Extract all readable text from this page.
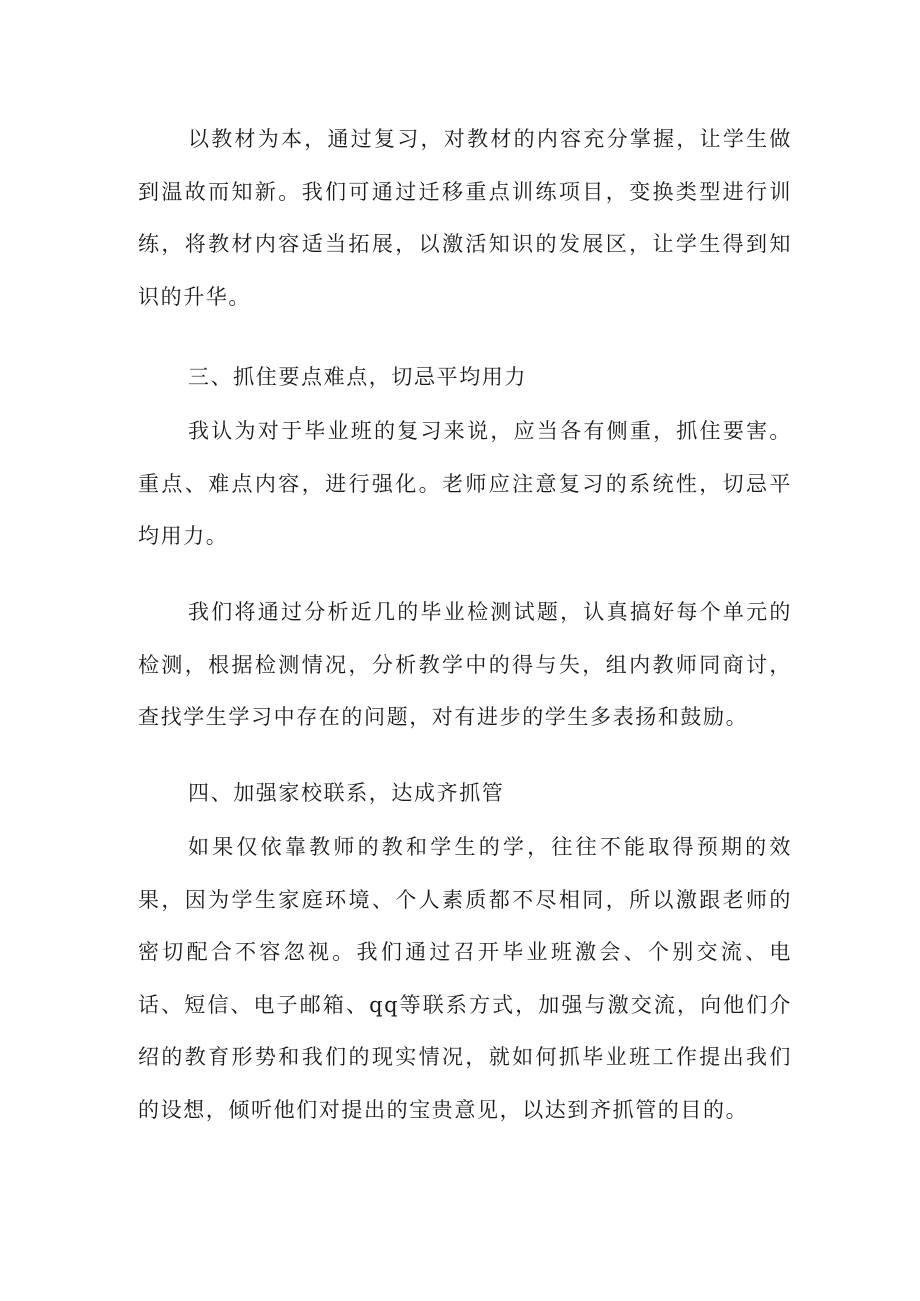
以教材为本，通过复习，对教材的内容充分掌握，让学生做到温故而知新。我们可通过迁移重点训练项目，变换类型进行训练，将教材内容适当拓展，以激活知识的发展区，让学生得到知识的升华。

三、抓住要点难点，切忌平均用力

我认为对于毕业班的复习来说，应当各有侧重，抓住要害。重点、难点内容，进行强化。老师应注意复习的系统性，切忌平均用力。

我们将通过分析近几的毕业检测试题，认真搞好每个单元的检测，根据检测情况，分析教学中的得与失，组内教师同商讨，查找学生学习中存在的问题，对有进步的学生多表扬和鼓励。

四、加强家校联系，达成齐抓管

如果仅依靠教师的教和学生的学，往往不能取得预期的效果，因为学生家庭环境、个人素质都不尽相同，所以激跟老师的密切配合不容忽视。我们通过召开毕业班激会、个别交流、电话、短信、电子邮箱、qq等联系方式，加强与激交流，向他们介绍的教育形势和我们的现实情况，就如何抓毕业班工作提出我们的设想，倾听他们对提出的宝贵意见，以达到齐抓管的目的。
